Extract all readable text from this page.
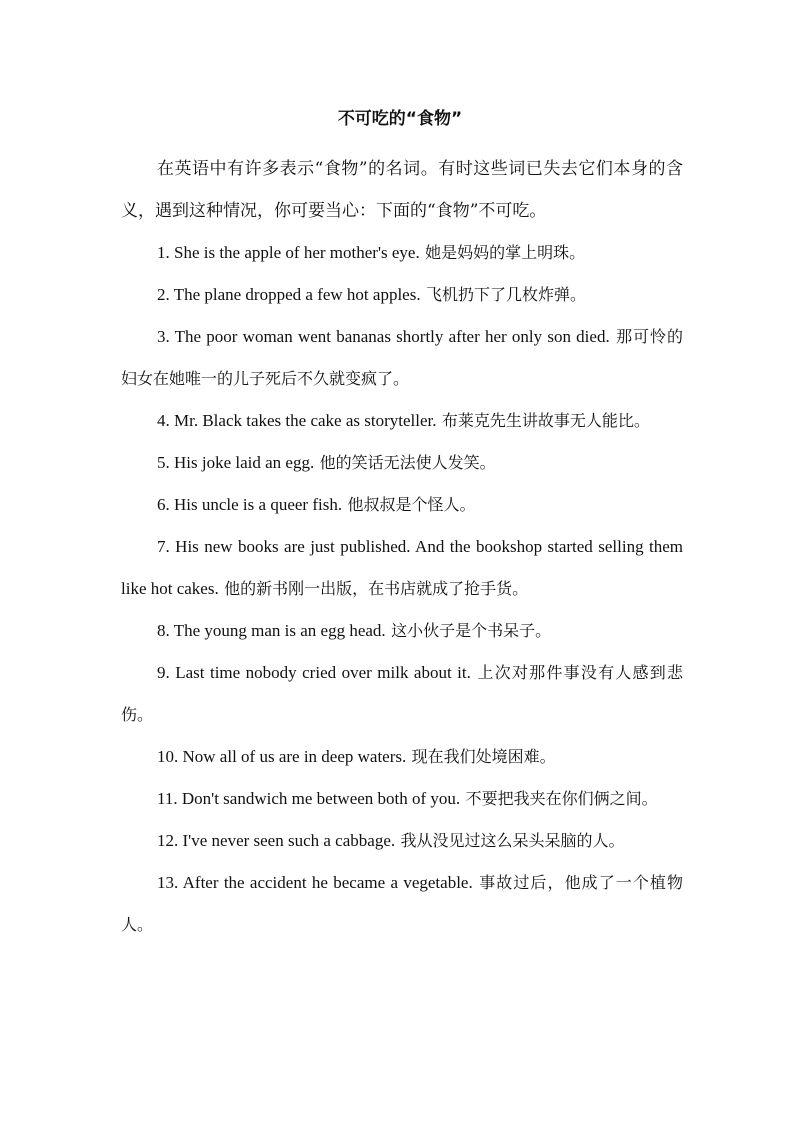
不可吃的“食物”

在英语中有许多表示“食物”的名词。有时这些词已失去它们本身的含义，遇到这种情况，你可要当心：下面的“食物”不可吃。

1. She is the apple of her mother's eye. 她是妈妈的掌上明珠。

2. The plane dropped a few hot apples. 飞机扔下了几枚炸弹。

3. The poor woman went bananas shortly after her only son died. 那可怜的妇女在她唯一的儿子死后不久就变疯了。

4. Mr. Black takes the cake as storyteller. 布莱克先生讲故事无人能比。

5. His joke laid an egg. 他的笑话无法使人发笑。

6. His uncle is a queer fish. 他叔叔是个怪人。

7. His new books are just published. And the bookshop started selling them like hot cakes. 他的新书刚一出版，在书店就成了抢手货。

8. The young man is an egg head. 这小伙子是个书呆子。

9. Last time nobody cried over milk about it. 上次对那件事没有人感到悲伤。

10. Now all of us are in deep waters. 现在我们处境困难。

11. Don't sandwich me between both of you. 不要把我夹在你们俩之间。

12. I've never seen such a cabbage. 我从没见过这么呆头呆脑的人。

13. After the accident he became a vegetable. 事故过后，他成了一个植物人。
